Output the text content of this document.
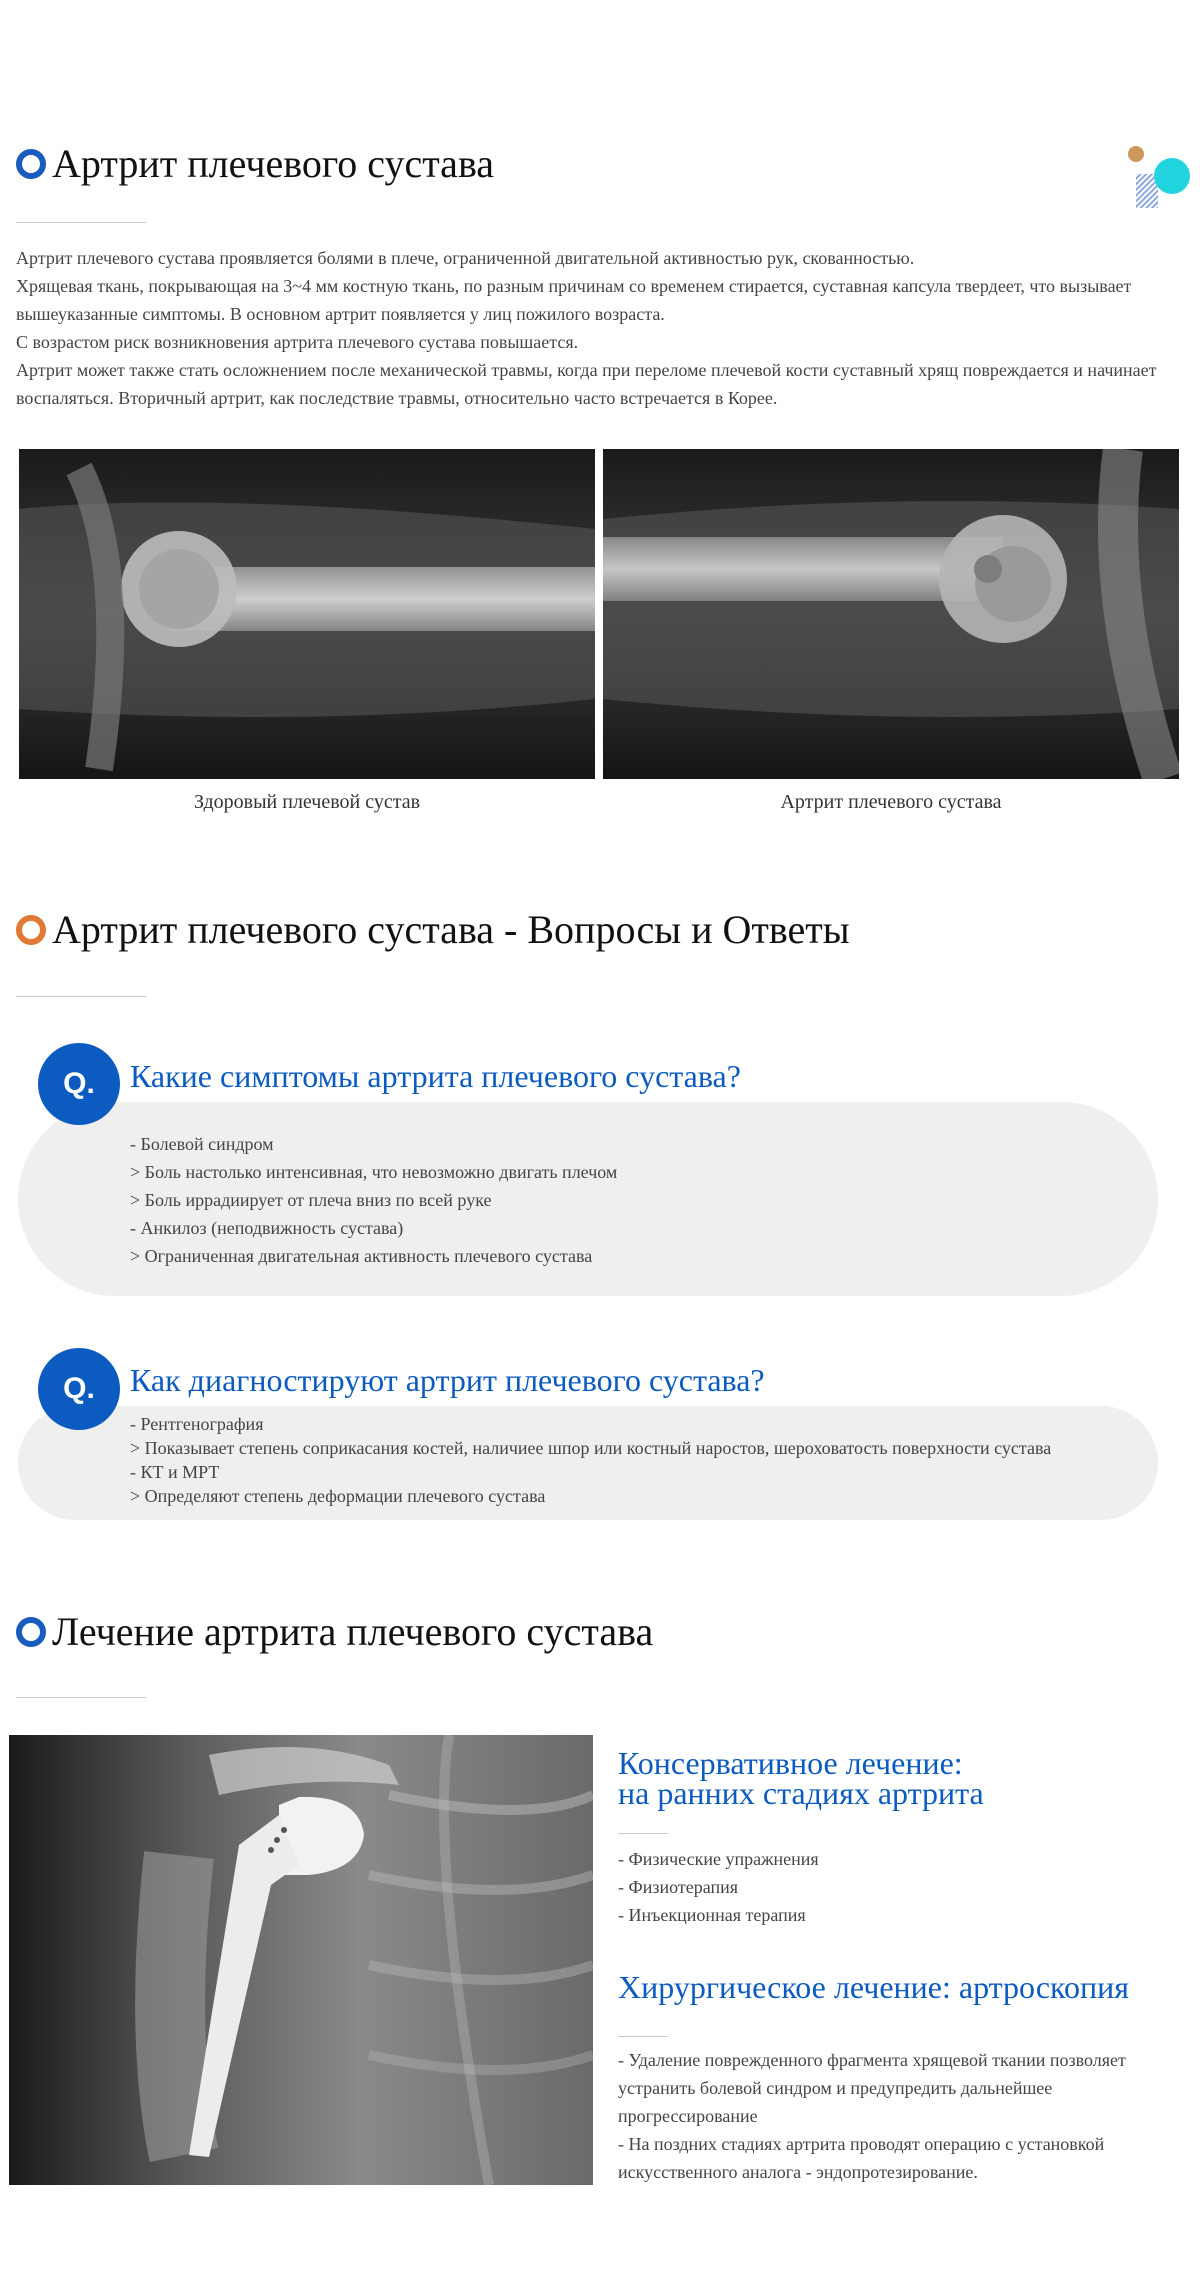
Артрит плечевого сустава

Артрит плечевого сустава проявляется болями в плече, ограниченной двигательной активностью рук, скованностью.

Хрящевая ткань, покрывающая на 3~4 мм костную ткань, по разным причинам со временем стирается, суставная капсула твердеет, что вызывает вышеуказанные симптомы. В основном артрит появляется у лиц пожилого возраста.

С возрастом риск возникновения артрита плечевого сустава повышается.

Артрит может также стать осложнением после механической травмы, когда при переломе плечевой кости суставный хрящ повреждается и начинает воспаляться. Вторичный артрит, как последствие травмы, относительно часто встречается в Корее.

Здоровый плечевой сустав	Артрит плечевого сустава
Артрит плечевого сустава - Вопросы и Ответы
Q.	Какие симптомы артрита плечевого сустава?
- Болевой синдром
> Боль настолько интенсивная, что невозможно двигать плечом
> Боль иррадиирует от плеча вниз по всей руке
- Анкилоз (неподвижность сустава)
> Ограниченная двигательная активность плечевого сустава
Q.	Как диагностируют артрит плечевого сустава?
- Рентгенография
> Показывает степень соприкасания костей, наличиее шпор или костный наростов, шероховатость поверхности сустава
- КТ и МРТ
> Определяют степень деформации плечевого сустава
Лечение артрита плечевого сустава
Консервативное лечение:
на ранних стадиях артрита
- Физические упражнения
- Физиотерапия
- Инъекционная терапия
Хирургическое лечение: артроскопия
- Удаление поврежденного фрагмента хрящевой ткании позволяет устранить болевой синдром и предупредить дальнейшее прогрессирование
- На поздних стадиях артрита проводят операцию с установкой искусственного аналога - эндопротезирование.
